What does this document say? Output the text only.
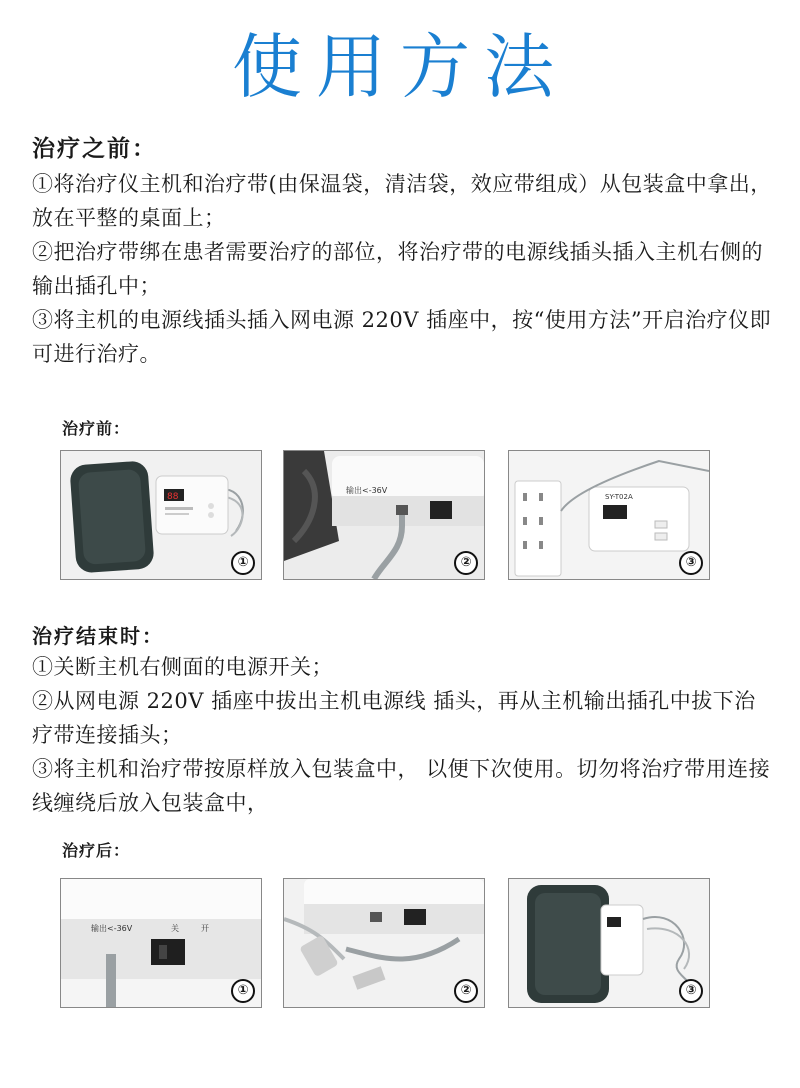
使用方法
治疗之前：

①将治疗仪主机和治疗带(由保温袋，清洁袋，效应带组成）从包装盒中拿出，放在平整的桌面上；

②把治疗带绑在患者需要治疗的部位，将治疗带的电源线插头插入主机右侧的输出插孔中；

③将主机的电源线插头插入网电源 220V 插座中，按“使用方法”开启治疗仪即可进行治疗。

治疗前：
88
①
输出<-36V
②
SY-T02A
③
治疗结束时：

①关断主机右侧面的电源开关；

②从网电源 220V 插座中拔出主机电源线 插头，再从主机输出插孔中拔下治疗带连接插头；

③将主机和治疗带按原样放入包装盒中， 以便下次使用。切勿将治疗带用连接线缠绕后放入包装盒中，

治疗后：
输出<-36V	关	开
①	②	③
